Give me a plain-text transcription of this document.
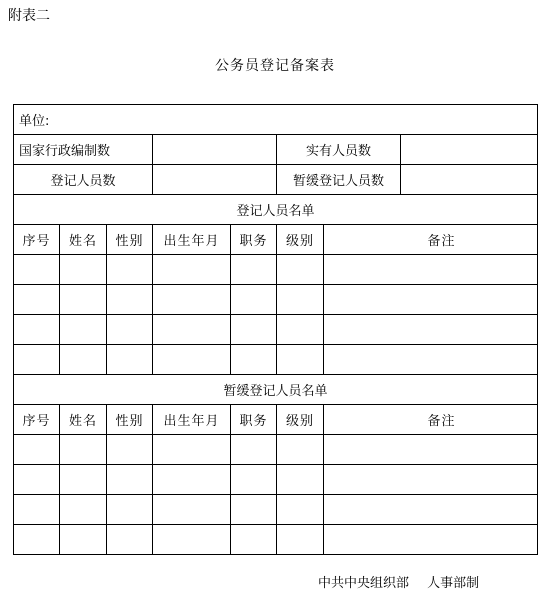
附表二
公务员登记备案表
单位:						
国家行政编制数					实有人员数	

登记人员数					暂缓登记人员数	

登记人员名单						
序号	姓名	性别	出生年月	职务	级别	备注

暂缓登记人员名单						
序号	姓名	性别	出生年月	职务	级别	备注

中共中央组织部 人事部制
